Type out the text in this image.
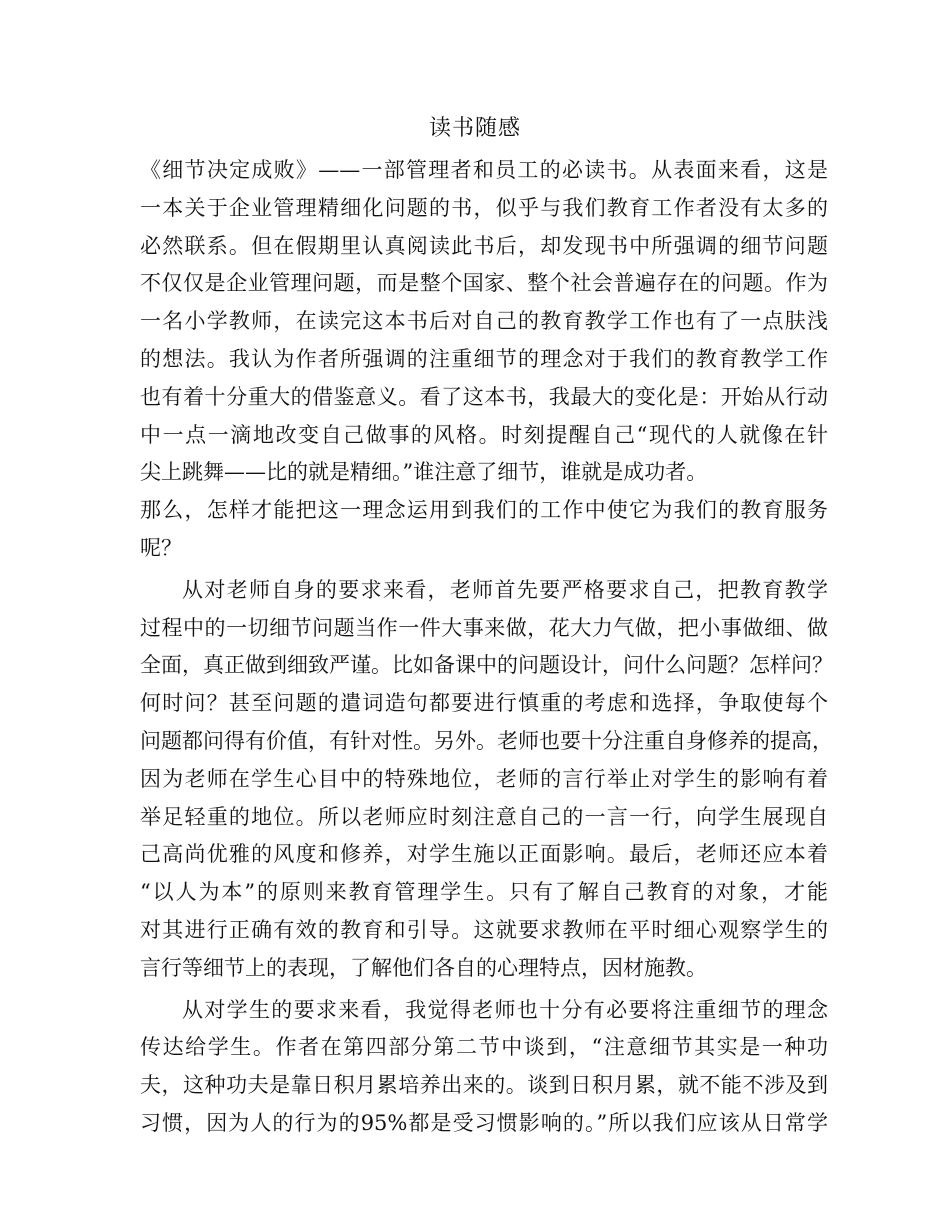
读书随感
《细节决定成败》——一部管理者和员工的必读书。从表面来看，这是
一本关于企业管理精细化问题的书，似乎与我们教育工作者没有太多的
必然联系。但在假期里认真阅读此书后，却发现书中所强调的细节问题
不仅仅是企业管理问题，而是整个国家、整个社会普遍存在的问题。作为
一名小学教师，在读完这本书后对自己的教育教学工作也有了一点肤浅
的想法。我认为作者所强调的注重细节的理念对于我们的教育教学工作
也有着十分重大的借鉴意义。看了这本书，我最大的变化是：开始从行动
中一点一滴地改变自己做事的风格。时刻提醒自己“现代的人就像在针
尖上跳舞——比的就是精细。”谁注意了细节，谁就是成功者。
那么，怎样才能把这一理念运用到我们的工作中使它为我们的教育服务
呢？
从对老师自身的要求来看，老师首先要严格要求自己，把教育教学
过程中的一切细节问题当作一件大事来做，花大力气做，把小事做细、做
全面，真正做到细致严谨。比如备课中的问题设计，问什么问题？怎样问？
何时问？甚至问题的遣词造句都要进行慎重的考虑和选择，争取使每个
问题都问得有价值，有针对性。另外。老师也要十分注重自身修养的提高，
因为老师在学生心目中的特殊地位，老师的言行举止对学生的影响有着
举足轻重的地位。所以老师应时刻注意自己的一言一行，向学生展现自
己高尚优雅的风度和修养，对学生施以正面影响。最后，老师还应本着
“以人为本”的原则来教育管理学生。只有了解自己教育的对象，才能
对其进行正确有效的教育和引导。这就要求教师在平时细心观察学生的
言行等细节上的表现，了解他们各自的心理特点，因材施教。
从对学生的要求来看，我觉得老师也十分有必要将注重细节的理念
传达给学生。作者在第四部分第二节中谈到，“注意细节其实是一种功
夫，这种功夫是靠日积月累培养出来的。谈到日积月累，就不能不涉及到
习惯，因为人的行为的95%都是受习惯影响的。”所以我们应该从日常学
